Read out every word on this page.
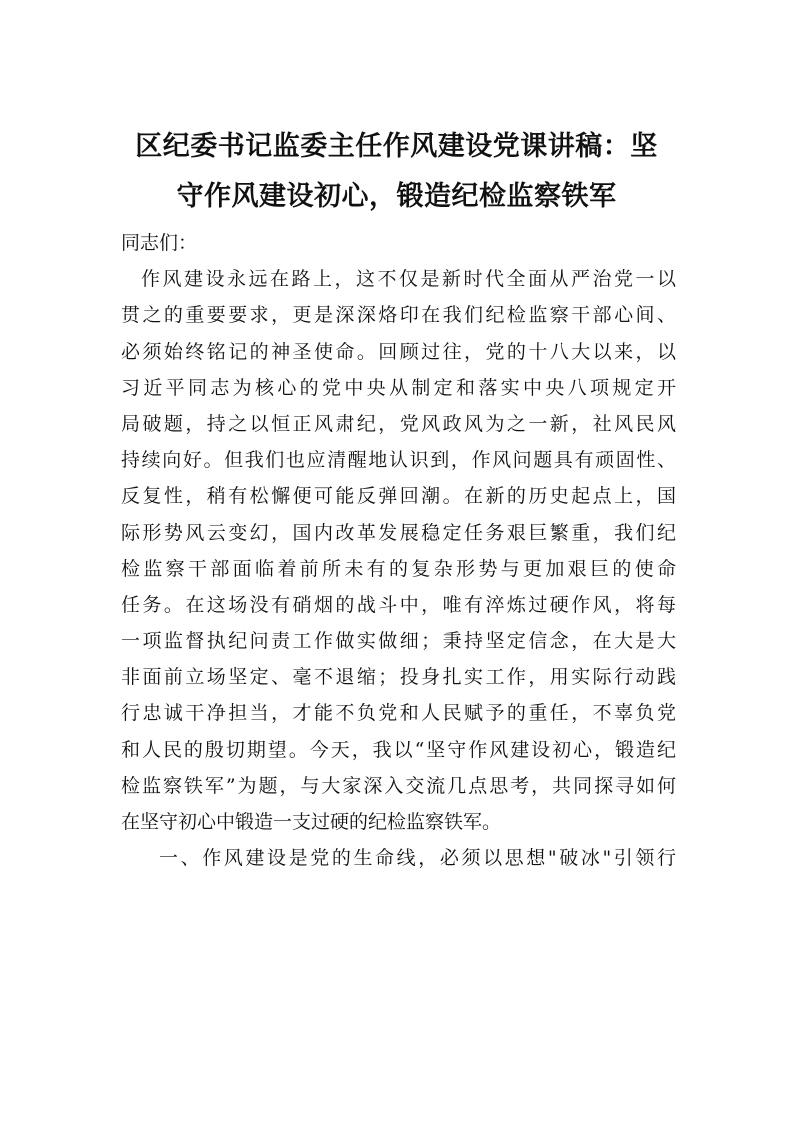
区纪委书记监委主任作风建设党课讲稿：坚
守作风建设初心，锻造纪检监察铁军
同志们：
作风建设永远在路上，这不仅是新时代全面从严治党一以
贯之的重要要求，更是深深烙印在我们纪检监察干部心间、
必须始终铭记的神圣使命。回顾过往，党的十八大以来，以
习近平同志为核心的党中央从制定和落实中央八项规定开
局破题，持之以恒正风肃纪，党风政风为之一新，社风民风
持续向好。但我们也应清醒地认识到，作风问题具有顽固性、
反复性，稍有松懈便可能反弹回潮。在新的历史起点上，国
际形势风云变幻，国内改革发展稳定任务艰巨繁重，我们纪
检监察干部面临着前所未有的复杂形势与更加艰巨的使命
任务。在这场没有硝烟的战斗中，唯有淬炼过硬作风，将每
一项监督执纪问责工作做实做细；秉持坚定信念，在大是大
非面前立场坚定、毫不退缩；投身扎实工作，用实际行动践
行忠诚干净担当，才能不负党和人民赋予的重任，不辜负党
和人民的殷切期望。今天，我以“坚守作风建设初心，锻造纪
检监察铁军”为题，与大家深入交流几点思考，共同探寻如何
在坚守初心中锻造一支过硬的纪检监察铁军。
一、作风建设是党的生命线，必须以思想"破冰"引领行
